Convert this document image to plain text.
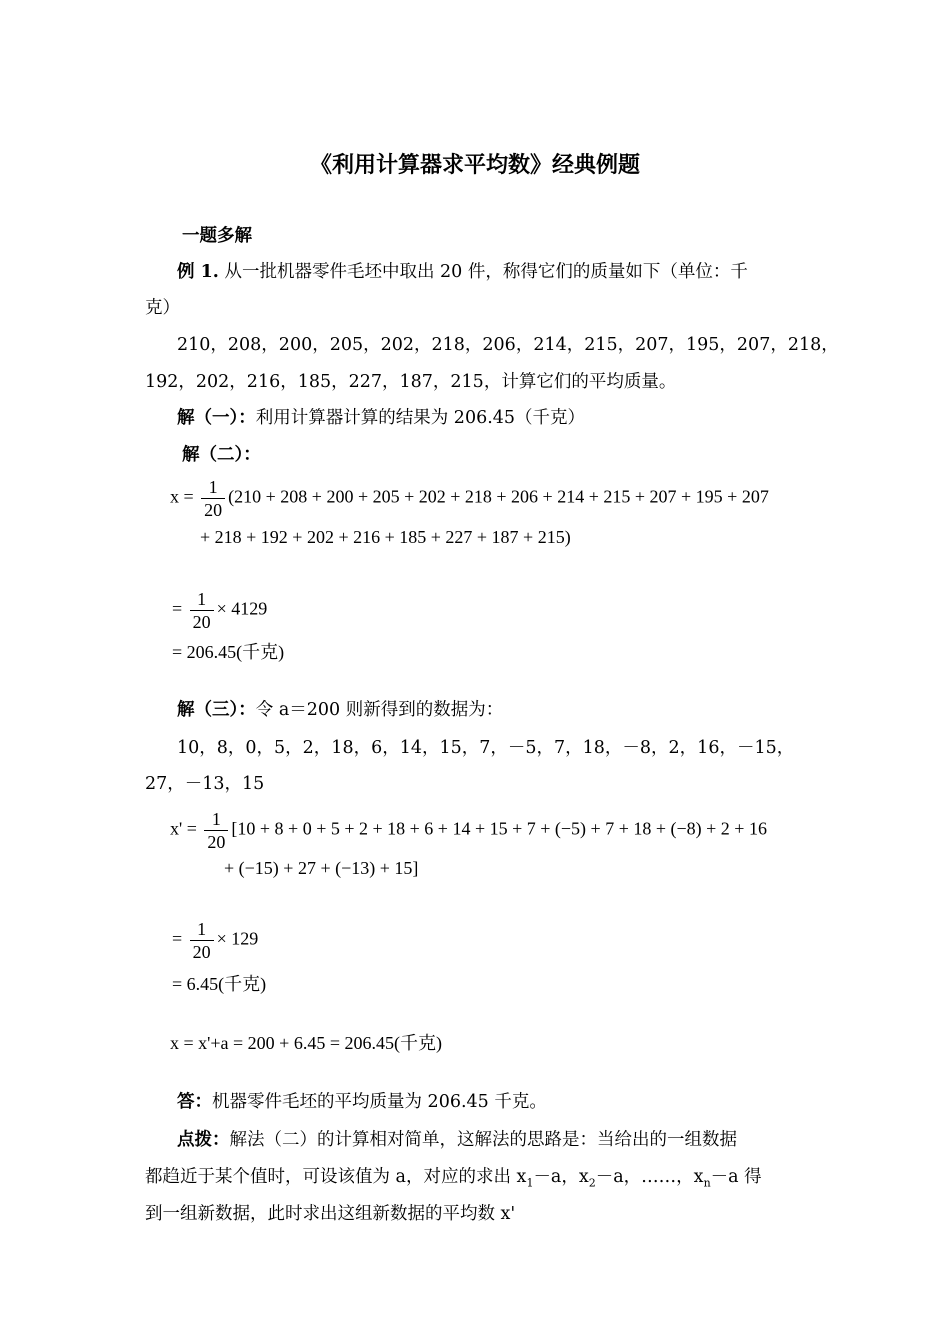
《利用计算器求平均数》经典例题
一题多解
例 1. 从一批机器零件毛坯中取出 20 件，称得它们的质量如下（单位：千
克）
210，208，200，205，202，218，206，214，215，207，195，207，218，
192，202，216，185，227，187，215，计算它们的平均质量。
解（一）：利用计算器计算的结果为 206.45（千克）
解（二）：
$x = \frac{1}{20} (210 + 208 + 200 + 205 + 202 + 218 + 206 + 214 + 215 + 207 + 195 + 207$
+ 218 + 192 + 202 + 216 + 185 + 227 + 187 + 215)
= $\frac{1}{20} \times 4129$
= 206.45(千克)
解（三）：令 a＝200 则新得到的数据为：
10，8，0，5，2，18，6，14，15，7，－5，7，18，－8，2，16，－15，
27，－13，15
$x' = \frac{1}{20} [10 + 8 + 0 + 5 + 2 + 18 + 6 + 14 + 15 + 7 + (-5) + 7 + 18 + (-8) + 2 + 16$
+ (−15) + 27 + (−13) + 15]
= $\frac{1}{20} \times 129$
= 6.45(千克)
x = x'+a = 200 + 6.45 = 206.45(千克)
答：机器零件毛坯的平均质量为 206.45 千克。
点拨：解法（二）的计算相对简单，这解法的思路是：当给出的一组数据
都趋近于某个值时，可设该值为 a，对应的求出 $x_1-a$，$x_2-a$，……，$x_n-a$ 得
到一组新数据，此时求出这组新数据的平均数 x'
